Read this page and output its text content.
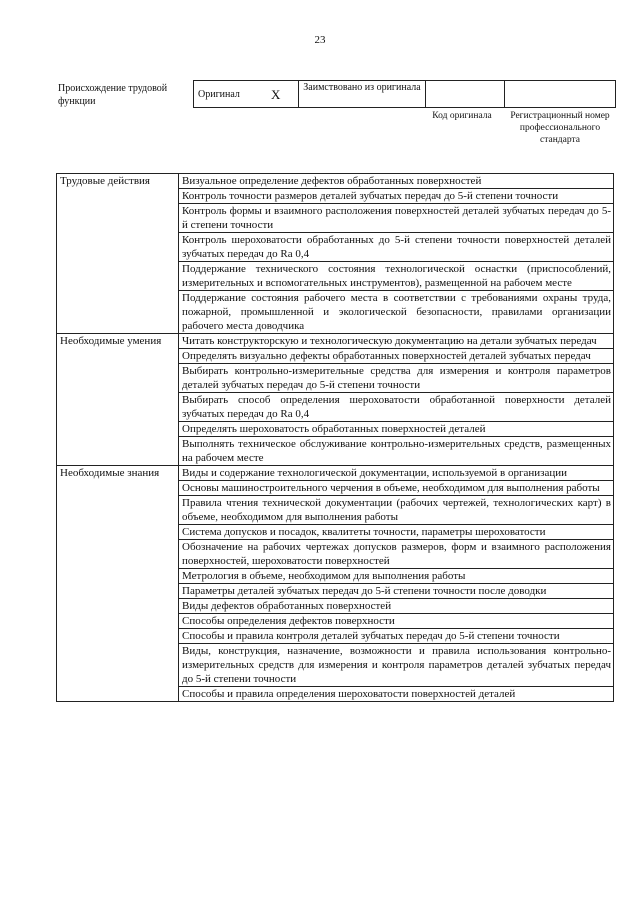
23
Происхождение трудовой функции
Оригинал X	Заимствовано из оригинала		
Код оригинала	Регистрационный номер профессионального стандарта
Трудовые действия	Визуальное определение дефектов обработанных поверхностей
	Контроль точности размеров деталей зубчатых передач до 5-й степени точности
	Контроль формы и взаимного расположения поверхностей деталей зубчатых передач до 5-й степени точности
	Контроль шероховатости обработанных до 5-й степени точности поверхностей деталей зубчатых передач до Ra 0,4
	Поддержание технического состояния технологической оснастки (приспособлений, измерительных и вспомогательных инструментов), размещенной на рабочем месте
	Поддержание состояния рабочего места в соответствии с требованиями охраны труда, пожарной, промышленной и экологической безопасности, правилами организации рабочего места доводчика
Необходимые умения	Читать конструкторскую и технологическую документацию на детали зубчатых передач
	Определять визуально дефекты обработанных поверхностей деталей зубчатых передач
	Выбирать контрольно-измерительные средства для измерения и контроля параметров деталей зубчатых передач до 5-й степени точности
	Выбирать способ определения шероховатости обработанной поверхности деталей зубчатых передач до Ra 0,4
	Определять шероховатость обработанных поверхностей деталей
	Выполнять техническое обслуживание контрольно-измерительных средств, размещенных на рабочем месте
Необходимые знания	Виды и содержание технологической документации, используемой в организации
	Основы машиностроительного черчения в объеме, необходимом для выполнения работы
	Правила чтения технической документации (рабочих чертежей, технологических карт) в объеме, необходимом для выполнения работы
	Система допусков и посадок, квалитеты точности, параметры шероховатости
	Обозначение на рабочих чертежах допусков размеров, форм и взаимного расположения поверхностей, шероховатости поверхностей
	Метрология в объеме, необходимом для выполнения работы
	Параметры деталей зубчатых передач до 5-й степени точности после доводки
	Виды дефектов обработанных поверхностей
	Способы определения дефектов поверхности
	Способы и правила контроля деталей зубчатых передач до 5-й степени точности
	Виды, конструкция, назначение, возможности и правила использования контрольно-измерительных средств для измерения и контроля параметров деталей зубчатых передач до 5-й степени точности
	Способы и правила определения шероховатости поверхностей деталей
